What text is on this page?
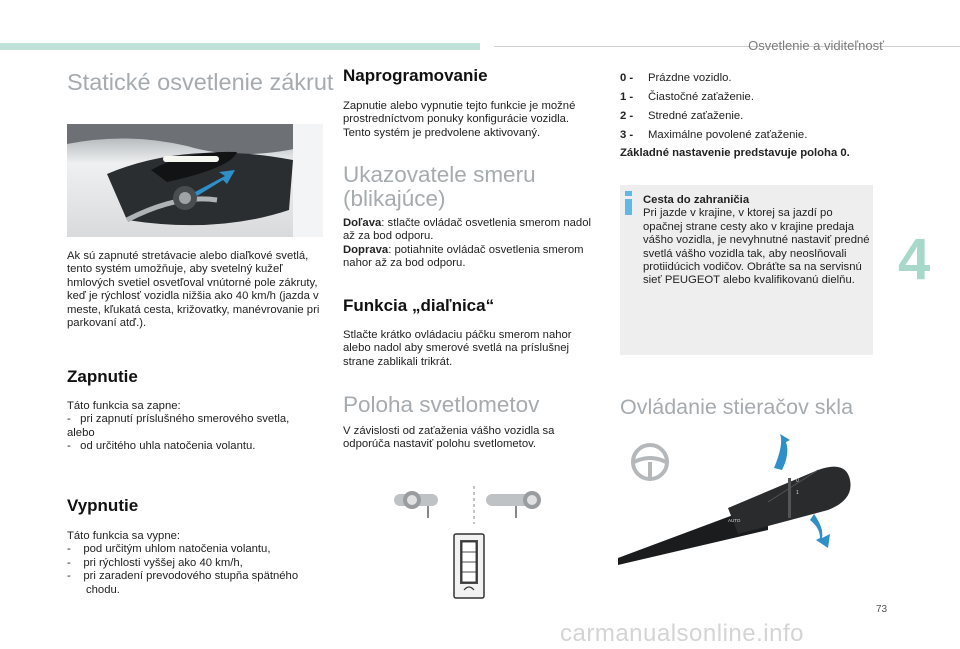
Osvetlenie a viditeľnosť
4
Statické osvetlenie zákrut
Ak sú zapnuté stretávacie alebo diaľkové svetlá, tento systém umožňuje, aby svetelný kužeľ hmlových svetiel osvetľoval vnútorné pole zákruty, keď je rýchlosť vozidla nižšia ako 40 km/h (jazda v meste, kľukatá cesta, križovatky, manévrovanie pri parkovaní atď.).
Zapnutie

Táto funkcia sa zapne:

-   pri zapnutí príslušného smerového svetla,

alebo

-   od určitého uhla natočenia volantu.

Vypnutie

Táto funkcia sa vypne:

-    pod určitým uhlom natočenia volantu,

-    pri rýchlosti vyššej ako 40 km/h,

-    pri zaradení prevodového stupňa spätného chodu.

Naprogramovanie
Zapnutie alebo vypnutie tejto funkcie je možné prostredníctvom ponuky konfigurácie vozidla. Tento systém je predvolene aktivovaný.
Ukazovatele smeru (blikajúce)

Doľava: stlačte ovládač osvetlenia smerom nadol až za bod odporu.

Doprava: potiahnite ovládač osvetlenia smerom nahor až za bod odporu.

Funkcia „diaľnica“
Stlačte krátko ovládaciu páčku smerom nahor alebo nadol aby smerové svetlá na príslušnej strane zablikali trikrát.
Poloha svetlometov
V závislosti od zaťaženia vášho vozidla sa odporúča nastaviť polohu svetlometov.
0 -	Prázdne vozidlo.
1 -	Čiastočné zaťaženie.
2 -	Stredné zaťaženie.
3 -	Maximálne povolené zaťaženie.
Základné nastavenie predstavuje poloha 0.

Cesta do zahraničia

Pri jazde v krajine, v ktorej sa jazdí po opačnej strane cesty ako v krajine predaja vášho vozidla, je nevyhnutné nastaviť predné svetlá vášho vozidla tak, aby neoslňovali protiidúcich vodičov. Obráťte sa na servisnú sieť PEUGEOT alebo kvalifikovanú dielňu.

Ovládanie stieračov skla
0
1
AUTO
73
carmanualsonline.info
